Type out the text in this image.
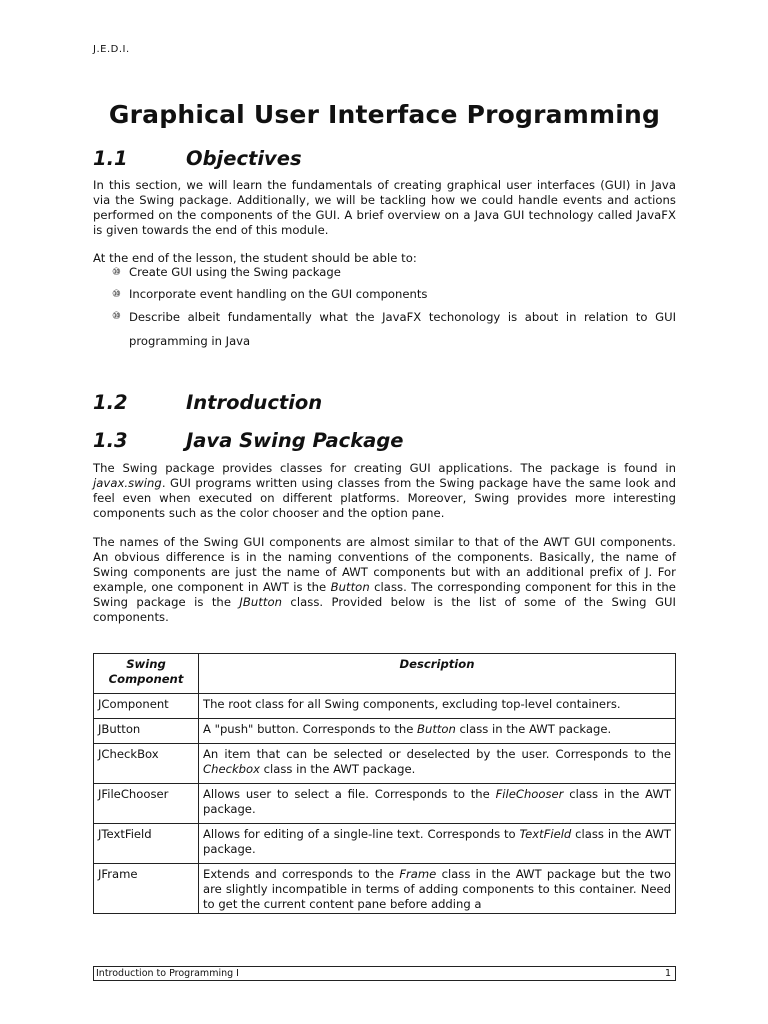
J.E.D.I.
Graphical User Interface Programming
1.1	Objectives
In this section, we will learn the fundamentals of creating graphical user interfaces (GUI) in Java via the Swing package. Additionally, we will be tackling how we could handle events and actions performed on the components of the GUI. A brief overview on a Java GUI technology called JavaFX is given towards the end of this module.
At the end of the lesson, the student should be able to:
⑩ Create GUI using the Swing package
⑩ Incorporate event handling on the GUI components
⑩ Describe albeit fundamentally what the JavaFX techonology is about in relation to GUI programming in Java
1.2	Introduction
1.3	Java Swing Package
The Swing package provides classes for creating GUI applications. The package is found in javax.swing. GUI programs written using classes from the Swing package have the same look and feel even when executed on different platforms. Moreover, Swing provides more interesting components such as the color chooser and the option pane.
The names of the Swing GUI components are almost similar to that of the AWT GUI components. An obvious difference is in the naming conventions of the components. Basically, the name of Swing components are just the name of AWT components but with an additional prefix of J. For example, one component in AWT is the Button class. The corresponding component for this in the Swing package is the JButton class. Provided below is the list of some of the Swing GUI components.
Swing Component	Description
JComponent	The root class for all Swing components, excluding top-level containers.
JButton	A "push" button. Corresponds to the Button class in the AWT package.
JCheckBox	An item that can be selected or deselected by the user. Corresponds to the Checkbox class in the AWT package.
JFileChooser	Allows user to select a file. Corresponds to the FileChooser class in the AWT package.
JTextField	Allows for editing of a single-line text. Corresponds to TextField class in the AWT package.
JFrame	Extends and corresponds to the Frame class in the AWT package but the two are slightly incompatible in terms of adding components to this container. Need to get the current content pane before adding a
Introduction to Programming I	1
